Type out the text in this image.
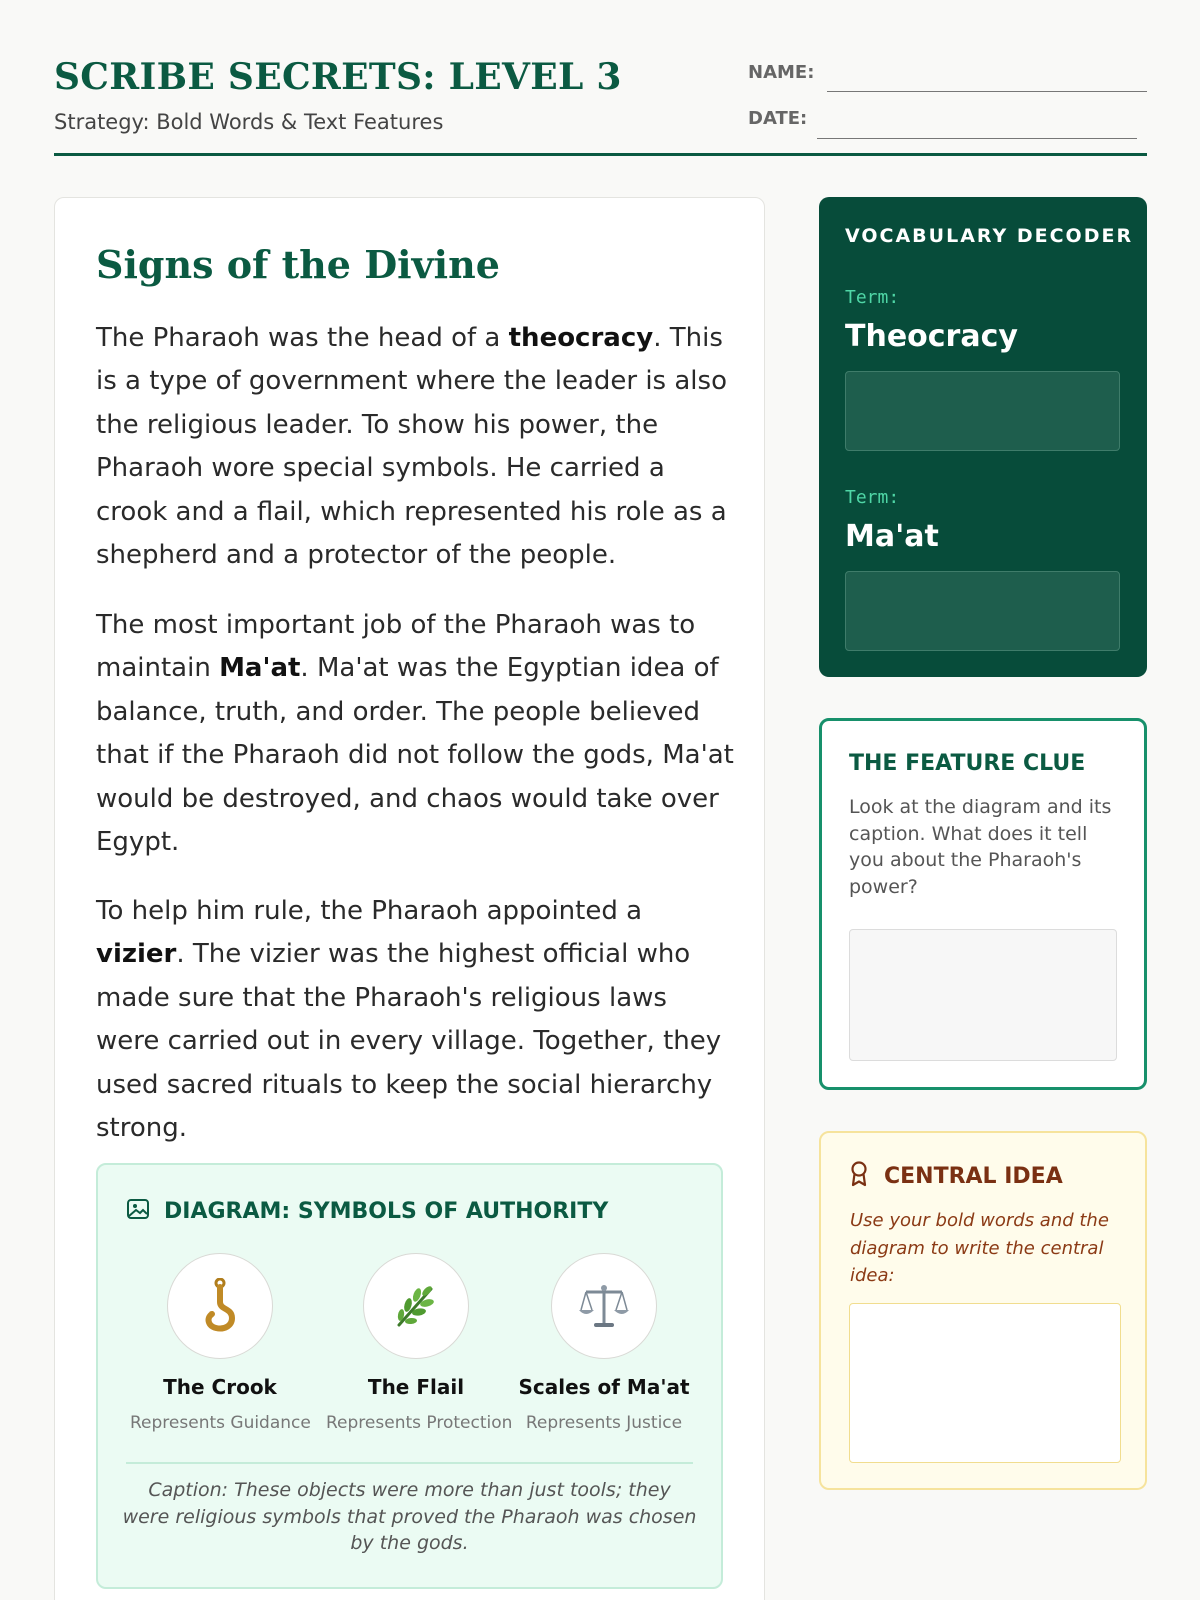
SCRIBE SECRETS: LEVEL 3
Strategy: Bold Words & Text Features
NAME:
DATE:
Signs of the Divine

The Pharaoh was the head of a theocracy. This is a type of government where the leader is also the religious leader. To show his power, the Pharaoh wore special symbols. He carried a crook and a flail, which represented his role as a shepherd and a protector of the people.

The most important job of the Pharaoh was to maintain Ma'at. Ma'at was the Egyptian idea of balance, truth, and order. The people believed that if the Pharaoh did not follow the gods, Ma'at would be destroyed, and chaos would take over Egypt.

To help him rule, the Pharaoh appointed a vizier. The vizier was the highest official who made sure that the Pharaoh's religious laws were carried out in every village. Together, they used sacred rituals to keep the social hierarchy strong.

DIAGRAM: SYMBOLS OF AUTHORITY
The Crook
Represents Guidance
The Flail
Represents Protection
Scales of Ma'at
Represents Justice
Caption: These objects were more than just tools; they were religious symbols that proved the Pharaoh was chosen by the gods.
VOCABULARY DECODER
Term:
Theocracy
Term:
Ma'at
THE FEATURE CLUE
Look at the diagram and its caption. What does it tell you about the Pharaoh's power?
CENTRAL IDEA
Use your bold words and the diagram to write the central idea:
